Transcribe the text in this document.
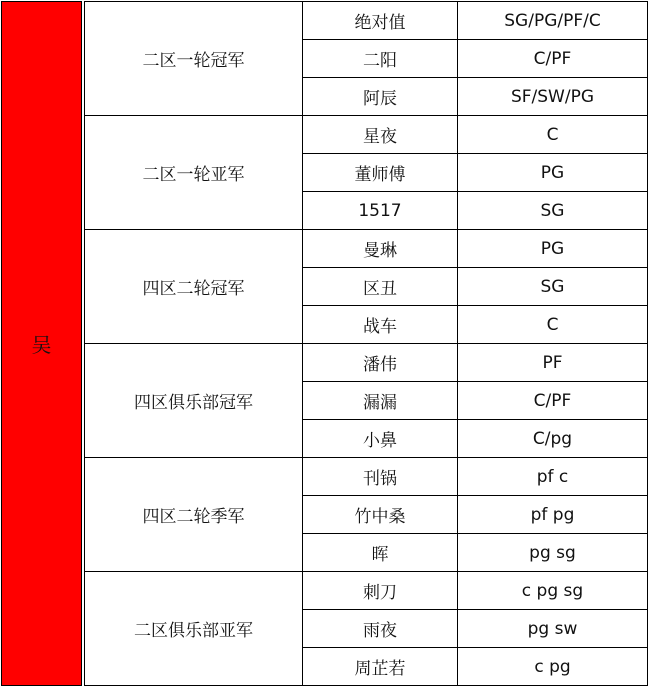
吴
二区一轮冠军
绝对值	SG/PG/PF/C
二阳	C/PF
阿辰	SF/SW/PG
二区一轮亚军
星夜	C
董师傅	PG
1517	SG
四区二轮冠军
曼琳	PG
区丑	SG
战车	C
四区俱乐部冠军
潘伟	PF
漏漏	C/PF
小鼻	C/pg
四区二轮季军
刊锅	pf c
竹中桑	pf pg
晖	pg sg
二区俱乐部亚军
刺刀	c pg sg
雨夜	pg sw
周芷若	c pg
